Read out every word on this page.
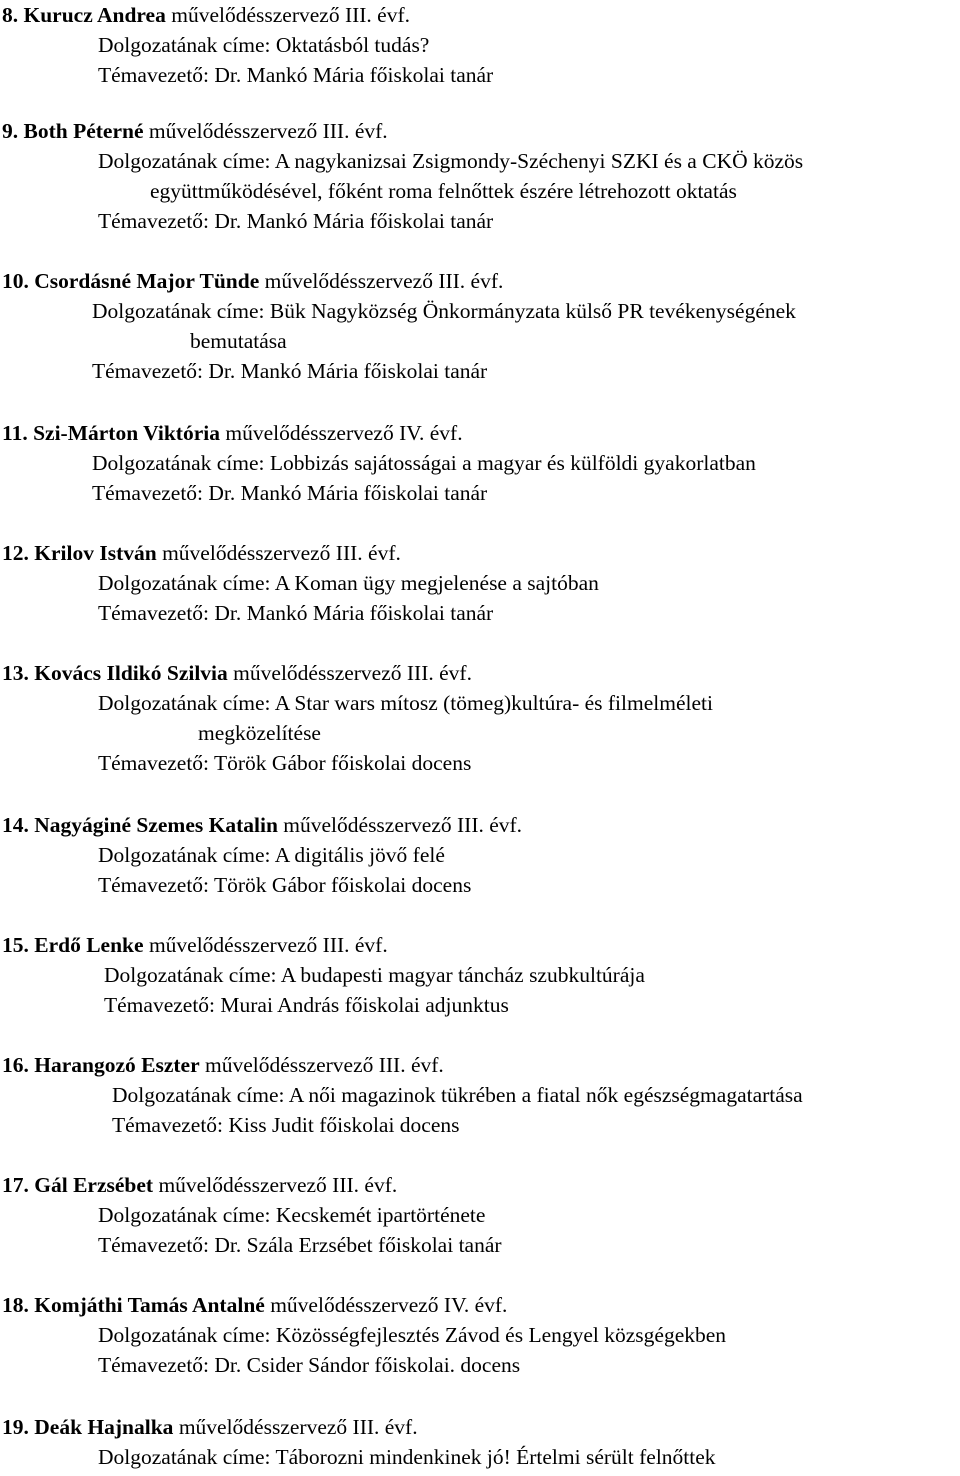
8. Kurucz Andrea művelődésszervező III. évf.
Dolgozatának címe: Oktatásból tudás?
Témavezető: Dr. Mankó Mária főiskolai tanár
9. Both Péterné művelődésszervező III. évf.
Dolgozatának címe: A nagykanizsai Zsigmondy-Széchenyi SZKI és a CKÖ közös
együttműködésével, főként roma felnőttek észére létrehozott oktatás
Témavezető: Dr. Mankó Mária főiskolai tanár
10. Csordásné Major Tünde művelődésszervező III. évf.
Dolgozatának címe: Bük Nagyközség Önkormányzata külső PR tevékenységének
bemutatása
Témavezető: Dr. Mankó Mária főiskolai tanár
11. Szi-Márton Viktória művelődésszervező IV. évf.
Dolgozatának címe: Lobbizás sajátosságai a magyar és külföldi gyakorlatban
Témavezető: Dr. Mankó Mária főiskolai tanár
12. Krilov István művelődésszervező III. évf.
Dolgozatának címe: A Koman ügy megjelenése a sajtóban
Témavezető: Dr. Mankó Mária főiskolai tanár
13. Kovács Ildikó Szilvia művelődésszervező III. évf.
Dolgozatának címe: A Star wars mítosz (tömeg)kultúra- és filmelméleti
megközelítése
Témavezető: Török Gábor főiskolai docens
14. Nagyáginé Szemes Katalin művelődésszervező III. évf.
Dolgozatának címe: A digitális jövő felé
Témavezető: Török Gábor főiskolai docens
15. Erdő Lenke művelődésszervező III. évf.
Dolgozatának címe: A budapesti magyar táncház szubkultúrája
Témavezető: Murai András főiskolai adjunktus
16. Harangozó Eszter művelődésszervező III. évf.
Dolgozatának címe: A női magazinok tükrében a fiatal nők egészségmagatartása
Témavezető: Kiss Judit főiskolai docens
17. Gál Erzsébet művelődésszervező III. évf.
Dolgozatának címe: Kecskemét ipartörténete
Témavezető: Dr. Szála Erzsébet főiskolai tanár
18. Komjáthi Tamás Antalné művelődésszervező IV. évf.
Dolgozatának címe: Közösségfejlesztés Závod és Lengyel közsgégekben
Témavezető: Dr. Csider Sándor főiskolai. docens
19. Deák Hajnalka művelődésszervező III. évf.
Dolgozatának címe: Táborozni mindenkinek jó! Értelmi sérült felnőttek
